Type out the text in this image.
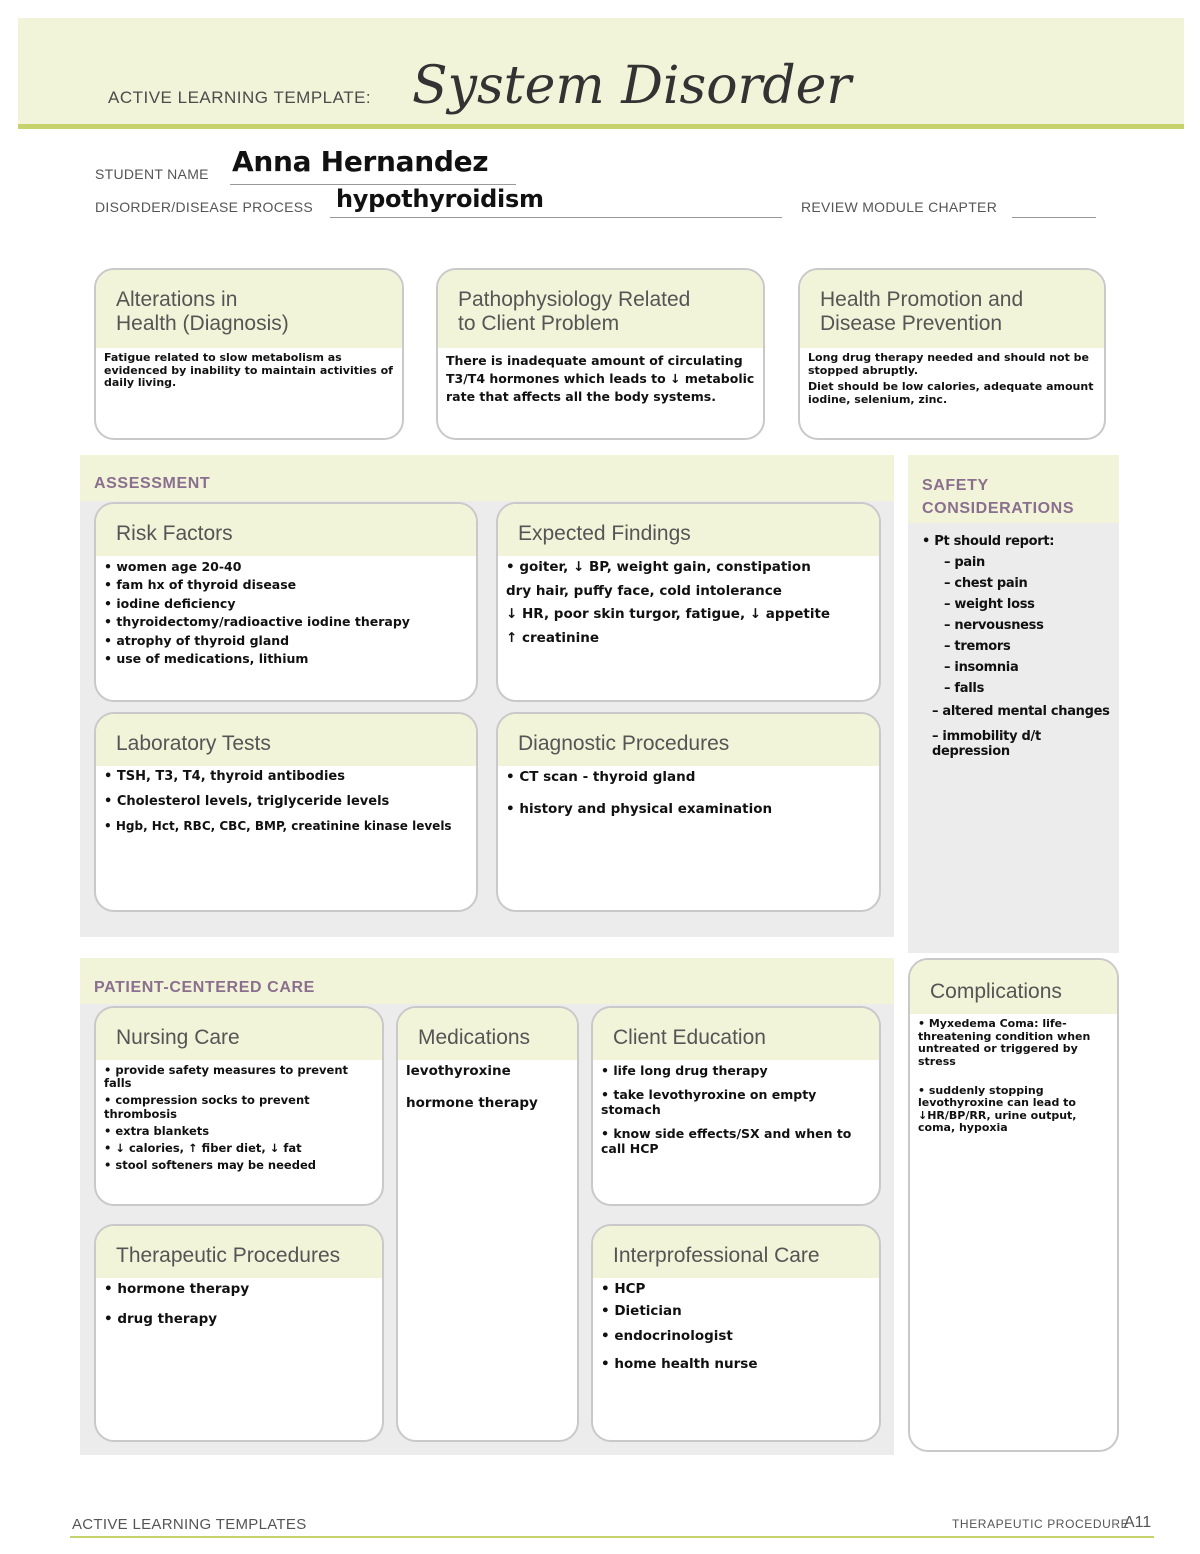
ACTIVE LEARNING TEMPLATE: System Disorder
STUDENT NAME Anna Hernandez
DISORDER/DISEASE PROCESS hypothyroidism	REVIEW MODULE CHAPTER
Alterations in
Health (Diagnosis)

Fatigue related to slow metabolism as evidenced by inability to maintain activities of daily living.

Pathophysiology Related
to Client Problem

There is inadequate amount of circulating T3/T4 hormones which leads to ↓ metabolic rate that affects all the body systems.

Health Promotion and
Disease Prevention

Long drug therapy needed and should not be stopped abruptly.

Diet should be low calories, adequate amount iodine, selenium, zinc.

ASSESSMENT
Risk Factors

• women age 20-40

• fam hx of thyroid disease

• iodine deficiency

• thyroidectomy/radioactive iodine therapy

• atrophy of thyroid gland

• use of medications, lithium

Expected Findings

• goiter, ↓ BP, weight gain, constipation

dry hair, puffy face, cold intolerance

↓ HR, poor skin turgor, fatigue, ↓ appetite

↑ creatinine

Laboratory Tests

• TSH, T3, T4, thyroid antibodies

• Cholesterol levels, triglyceride levels

• Hgb, Hct, RBC, CBC, BMP, creatinine kinase levels

Diagnostic Procedures

• CT scan - thyroid gland

• history and physical examination

SAFETY
CONSIDERATIONS

• Pt should report:

– pain

– chest pain

– weight loss

– nervousness

– tremors

– insomnia

– falls

– altered mental changes

– immobility d/t depression

PATIENT-CENTERED CARE
Nursing Care

• provide safety measures to prevent falls

• compression socks to prevent thrombosis

• extra blankets

• ↓ calories, ↑ fiber diet, ↓ fat

• stool softeners may be needed

Medications

levothyroxine

hormone therapy

Client Education

• life long drug therapy

• take levothyroxine on empty stomach

• know side effects/SX and when to call HCP

Therapeutic Procedures

• hormone therapy

• drug therapy

Interprofessional Care

• HCP

• Dietician

• endocrinologist

• home health nurse

Complications

• Myxedema Coma: life-threatening condition when untreated or triggered by stress

• suddenly stopping levothyroxine can lead to ↓HR/BP/RR, urine output, coma, hypoxia

ACTIVE LEARNING TEMPLATES	THERAPEUTIC PROCEDURE
A11
